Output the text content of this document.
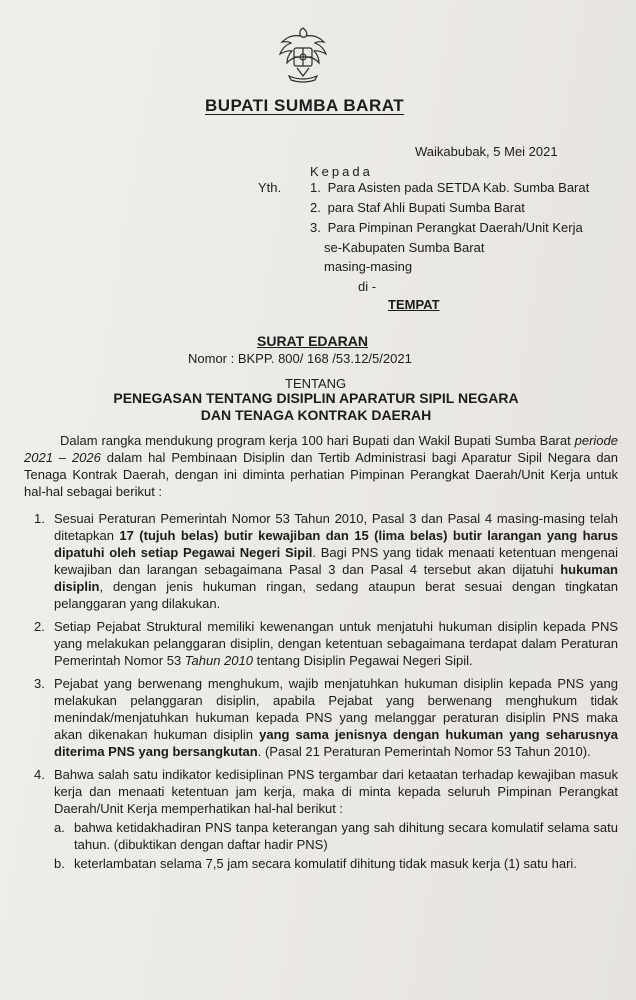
BUPATI SUMBA BARAT
Waikabubak, 5 Mei 2021
Kepada
Yth. 1. Para Asisten pada SETDA Kab. Sumba Barat
2. para Staf Ahli Bupati Sumba Barat
3. Para Pimpinan Perangkat Daerah/Unit Kerja
se-Kabupaten Sumba Barat
masing-masing
di -
TEMPAT
SURAT EDARAN
Nomor : BKPP. 800/ 168 /53.12/5/2021
TENTANG
PENEGASAN TENTANG DISIPLIN APARATUR SIPIL NEGARA
DAN TENAGA KONTRAK DAERAH
Dalam rangka mendukung program kerja 100 hari Bupati dan Wakil Bupati Sumba Barat periode 2021 – 2026 dalam hal Pembinaan Disiplin dan Tertib Administrasi bagi Aparatur Sipil Negara dan Tenaga Kontrak Daerah, dengan ini diminta perhatian Pimpinan Perangkat Daerah/Unit Kerja untuk hal-hal sebagai berikut :
1. Sesuai Peraturan Pemerintah Nomor 53 Tahun 2010, Pasal 3 dan Pasal 4 masing-masing telah ditetapkan 17 (tujuh belas) butir kewajiban dan 15 (lima belas) butir larangan yang harus dipatuhi oleh setiap Pegawai Negeri Sipil. Bagi PNS yang tidak menaati ketentuan mengenai kewajiban dan larangan sebagaimana Pasal 3 dan Pasal 4 tersebut akan dijatuhi hukuman disiplin, dengan jenis hukuman ringan, sedang ataupun berat sesuai dengan tingkatan pelanggaran yang dilakukan.
2. Setiap Pejabat Struktural memiliki kewenangan untuk menjatuhi hukuman disiplin kepada PNS yang melakukan pelanggaran disiplin, dengan ketentuan sebagaimana terdapat dalam Peraturan Pemerintah Nomor 53 Tahun 2010 tentang Disiplin Pegawai Negeri Sipil.
3. Pejabat yang berwenang menghukum, wajib menjatuhkan hukuman disiplin kepada PNS yang melakukan pelanggaran disiplin, apabila Pejabat yang berwenang menghukum tidak menindak/menjatuhkan hukuman kepada PNS yang melanggar peraturan disiplin PNS maka akan dikenakan hukuman disiplin yang sama jenisnya dengan hukuman yang seharusnya diterima PNS yang bersangkutan. (Pasal 21 Peraturan Pemerintah Nomor 53 Tahun 2010).
4. Bahwa salah satu indikator kedisiplinan PNS tergambar dari ketaatan terhadap kewajiban masuk kerja dan menaati ketentuan jam kerja, maka di minta kepada seluruh Pimpinan Perangkat Daerah/Unit Kerja memperhatikan hal-hal berikut :
a. bahwa ketidakhadiran PNS tanpa keterangan yang sah dihitung secara komulatif selama satu tahun. (dibuktikan dengan daftar hadir PNS)
b. keterlambatan selama 7,5 jam secara komulatif dihitung tidak masuk kerja (1) satu hari.
